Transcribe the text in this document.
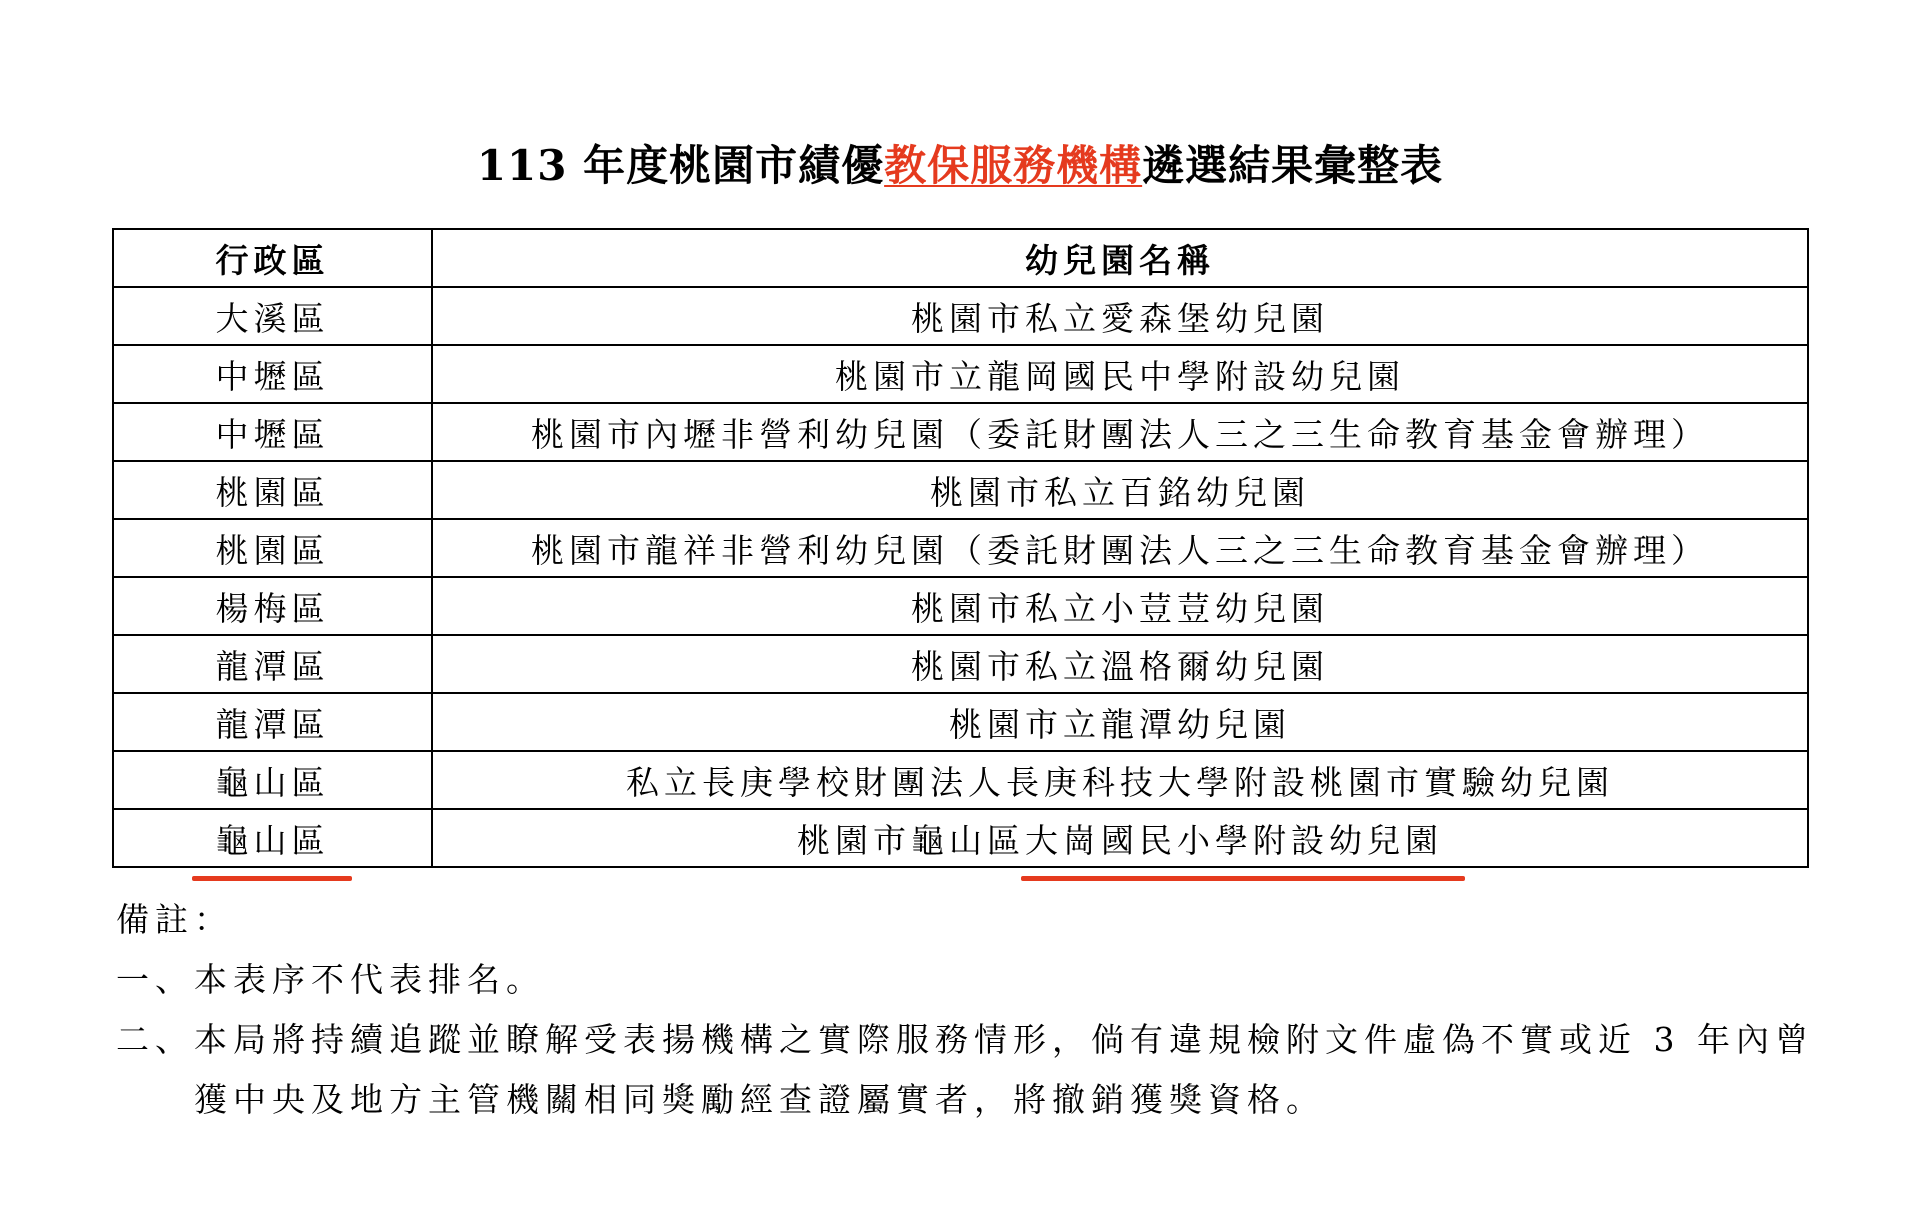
113 年度桃園市績優教保服務機構遴選結果彙整表
行政區	幼兒園名稱
大溪區	桃園市私立愛森堡幼兒園
中壢區	桃園市立龍岡國民中學附設幼兒園
中壢區	桃園市內壢非營利幼兒園（委託財團法人三之三生命教育基金會辦理）
桃園區	桃園市私立百銘幼兒園
桃園區	桃園市龍祥非營利幼兒園（委託財團法人三之三生命教育基金會辦理）
楊梅區	桃園市私立小荳荳幼兒園
龍潭區	桃園市私立溫格爾幼兒園
龍潭區	桃園市立龍潭幼兒園
龜山區	私立長庚學校財團法人長庚科技大學附設桃園市實驗幼兒園
龜山區	桃園市龜山區大崗國民小學附設幼兒園
備註：
一、本表序不代表排名。
二、本局將持續追蹤並瞭解受表揚機構之實際服務情形，倘有違規檢附文件虛偽不實或近 3 年內曾
獲中央及地方主管機關相同獎勵經查證屬實者，將撤銷獲獎資格。
